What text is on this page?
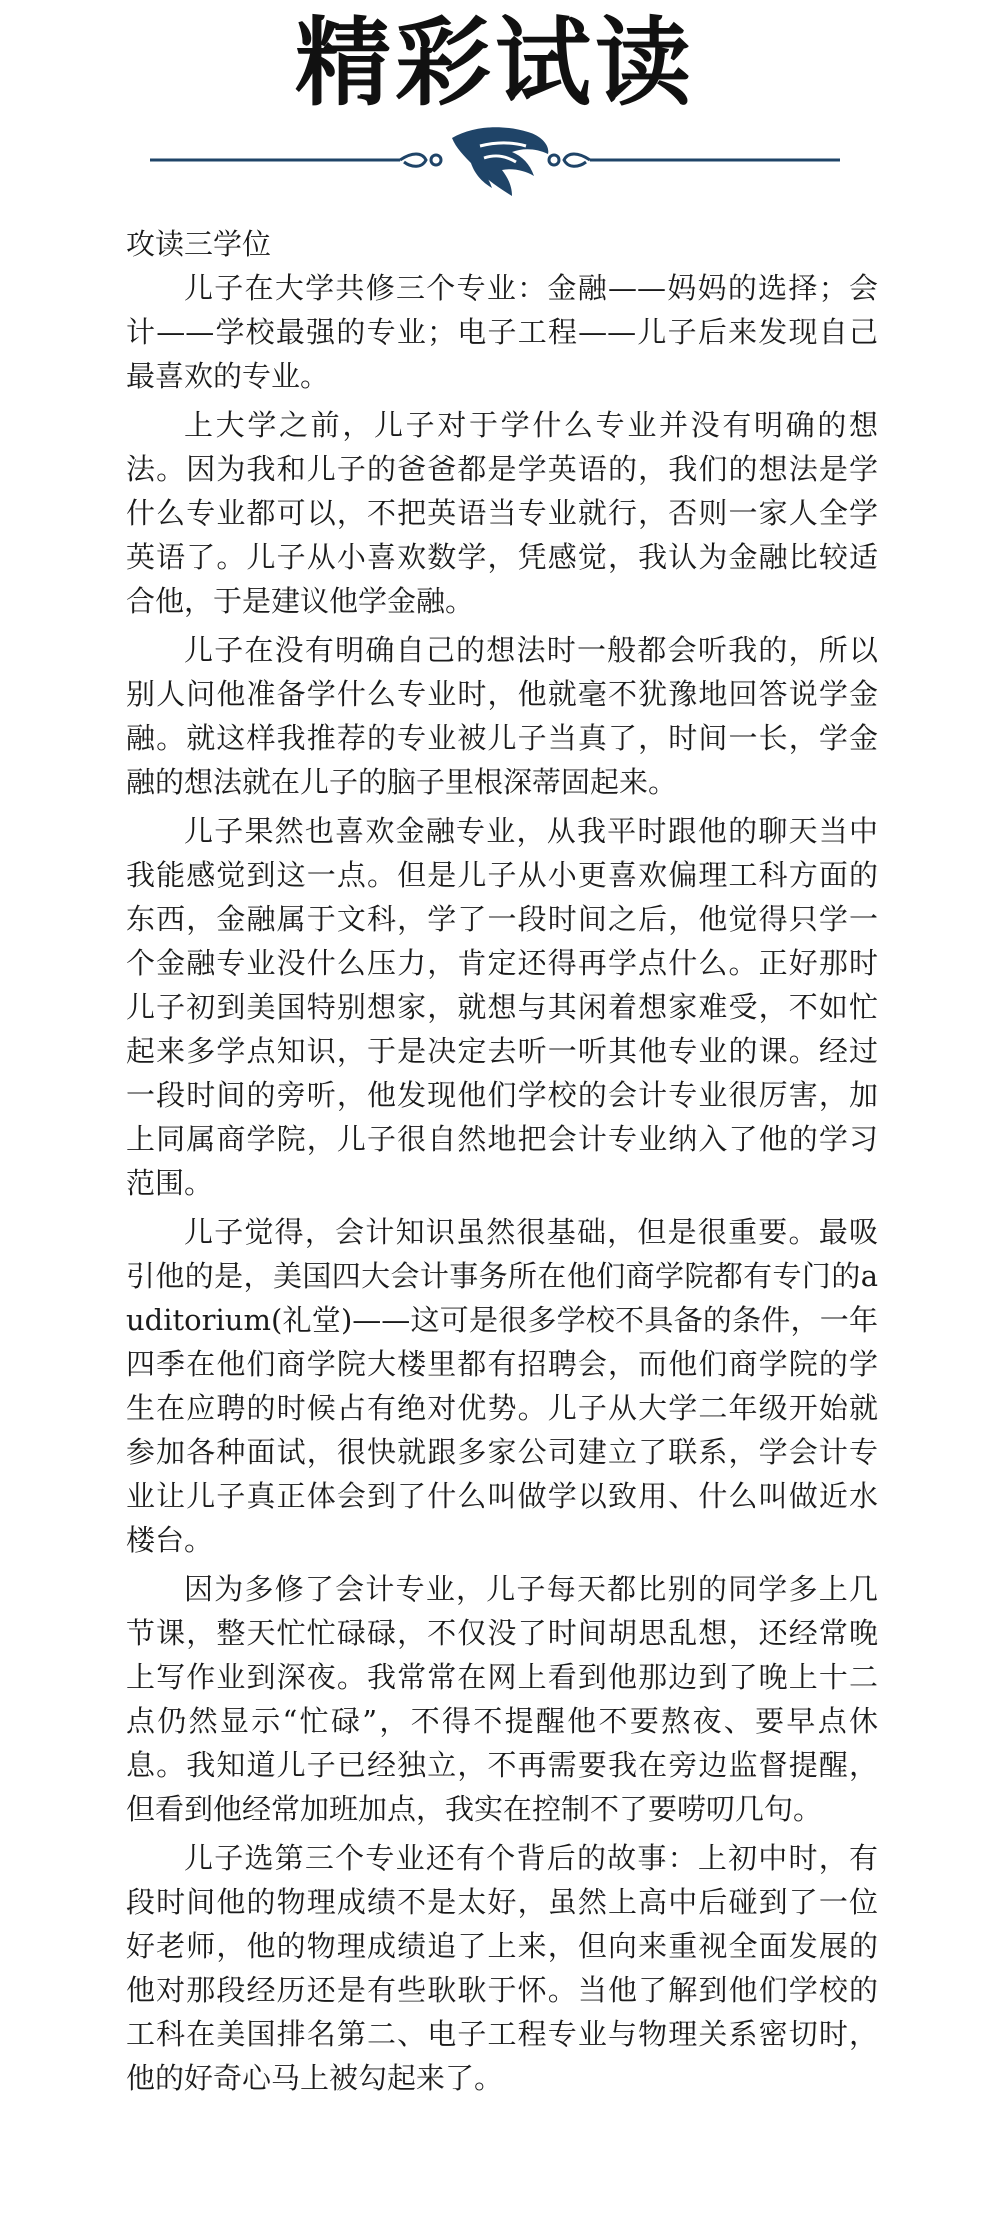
精彩试读
攻读三学位

儿子在大学共修三个专业：金融——妈妈的选择；会计——学校最强的专业；电子工程——儿子后来发现自己最喜欢的专业。

上大学之前，儿子对于学什么专业并没有明确的想法。因为我和儿子的爸爸都是学英语的，我们的想法是学什么专业都可以，不把英语当专业就行，否则一家人全学英语了。儿子从小喜欢数学，凭感觉，我认为金融比较适合他，于是建议他学金融。

儿子在没有明确自己的想法时一般都会听我的，所以别人问他准备学什么专业时，他就毫不犹豫地回答说学金融。就这样我推荐的专业被儿子当真了，时间一长，学金融的想法就在儿子的脑子里根深蒂固起来。

儿子果然也喜欢金融专业，从我平时跟他的聊天当中我能感觉到这一点。但是儿子从小更喜欢偏理工科方面的东西，金融属于文科，学了一段时间之后，他觉得只学一个金融专业没什么压力，肯定还得再学点什么。正好那时儿子初到美国特别想家，就想与其闲着想家难受，不如忙起来多学点知识，于是决定去听一听其他专业的课。经过一段时间的旁听，他发现他们学校的会计专业很厉害，加上同属商学院，儿子很自然地把会计专业纳入了他的学习范围。

儿子觉得，会计知识虽然很基础，但是很重要。最吸引他的是，美国四大会计事务所在他们商学院都有专门的auditorium(礼堂)——这可是很多学校不具备的条件，一年四季在他们商学院大楼里都有招聘会，而他们商学院的学生在应聘的时候占有绝对优势。儿子从大学二年级开始就参加各种面试，很快就跟多家公司建立了联系，学会计专业让儿子真正体会到了什么叫做学以致用、什么叫做近水楼台。

因为多修了会计专业，儿子每天都比别的同学多上几节课，整天忙忙碌碌，不仅没了时间胡思乱想，还经常晚上写作业到深夜。我常常在网上看到他那边到了晚上十二点仍然显示“忙碌”，不得不提醒他不要熬夜、要早点休息。我知道儿子已经独立，不再需要我在旁边监督提醒，但看到他经常加班加点，我实在控制不了要唠叨几句。

儿子选第三个专业还有个背后的故事：上初中时，有段时间他的物理成绩不是太好，虽然上高中后碰到了一位好老师，他的物理成绩追了上来，但向来重视全面发展的他对那段经历还是有些耿耿于怀。当他了解到他们学校的工科在美国排名第二、电子工程专业与物理关系密切时，他的好奇心马上被勾起来了。
